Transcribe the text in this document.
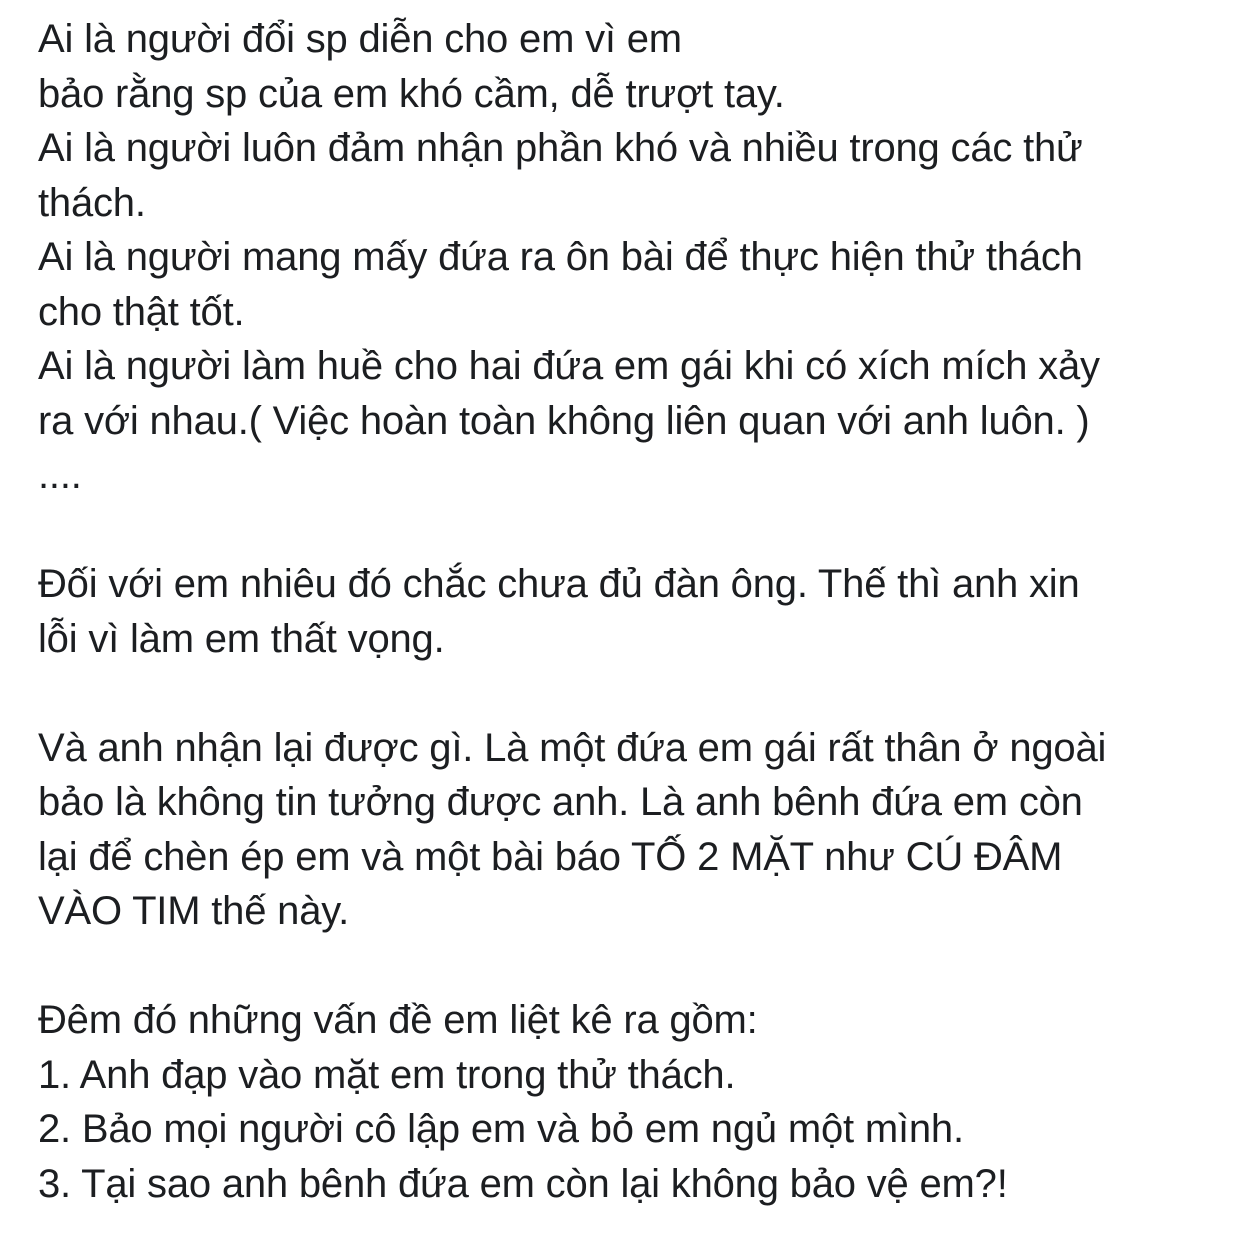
Ai là người đổi sp diễn cho em vì em
bảo rằng sp của em khó cầm, dễ trượt tay.
Ai là người luôn đảm nhận phần khó và nhiều trong các thử
thách.
Ai là người mang mấy đứa ra ôn bài để thực hiện thử thách
cho thật tốt.
Ai là người làm huề cho hai đứa em gái khi có xích mích xảy
ra với nhau.( Việc hoàn toàn không liên quan với anh luôn. )
....
Đối với em nhiêu đó chắc chưa đủ đàn ông. Thế thì anh xin
lỗi vì làm em thất vọng.
Và anh nhận lại được gì. Là một đứa em gái rất thân ở ngoài
bảo là không tin tưởng được anh. Là anh bênh đứa em còn
lại để chèn ép em và một bài báo TỐ 2 MẶT như CÚ ĐÂM
VÀO TIM thế này.
Đêm đó những vấn đề em liệt kê ra gồm:
1. Anh đạp vào mặt em trong thử thách.
2. Bảo mọi người cô lập em và bỏ em ngủ một mình.
3. Tại sao anh bênh đứa em còn lại không bảo vệ em?!
